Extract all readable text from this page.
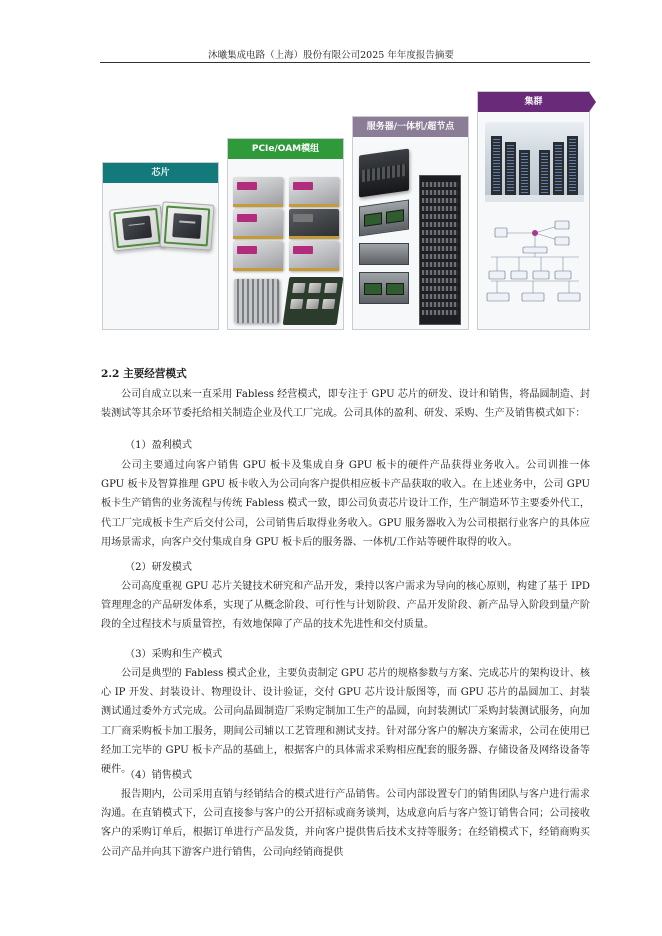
沐曦集成电路（上海）股份有限公司2025 年年度报告摘要
芯片
PCIe/OAM模组
服务器/一体机/超节点
集群
2.2 主要经营模式
公司自成立以来一直采用 Fabless 经营模式，即专注于 GPU 芯片的研发、设计和销售，将晶圆制造、封装测试等其余环节委托给相关制造企业及代工厂完成。公司具体的盈利、研发、采购、生产及销售模式如下：
（1）盈利模式
公司主要通过向客户销售 GPU 板卡及集成自身 GPU 板卡的硬件产品获得业务收入。公司训推一体 GPU 板卡及智算推理 GPU 板卡收入为公司向客户提供相应板卡产品获取的收入。在上述业务中，公司 GPU 板卡生产销售的业务流程与传统 Fabless 模式一致，即公司负责芯片设计工作，生产制造环节主要委外代工，代工厂完成板卡生产后交付公司，公司销售后取得业务收入。GPU 服务器收入为公司根据行业客户的具体应用场景需求，向客户交付集成自身 GPU 板卡后的服务器、一体机/工作站等硬件取得的收入。
（2）研发模式
公司高度重视 GPU 芯片关键技术研究和产品开发，秉持以客户需求为导向的核心原则，构建了基于 IPD 管理理念的产品研发体系，实现了从概念阶段、可行性与计划阶段、产品开发阶段、新产品导入阶段到量产阶段的全过程技术与质量管控，有效地保障了产品的技术先进性和交付质量。
（3）采购和生产模式
公司是典型的 Fabless 模式企业，主要负责制定 GPU 芯片的规格参数与方案、完成芯片的架构设计、核心 IP 开发、封装设计、物理设计、设计验证，交付 GPU 芯片设计版图等，而 GPU 芯片的晶圆加工、封装测试通过委外方式完成。公司向晶圆制造厂采购定制加工生产的晶圆，向封装测试厂采购封装测试服务，向加工厂商采购板卡加工服务，期间公司辅以工艺管理和测试支持。针对部分客户的解决方案需求，公司在使用已经加工完毕的 GPU 板卡产品的基础上，根据客户的具体需求采购相应配套的服务器、存储设备及网络设备等硬件。
（4）销售模式
报告期内，公司采用直销与经销结合的模式进行产品销售。公司内部设置专门的销售团队与客户进行需求沟通。在直销模式下，公司直接参与客户的公开招标或商务谈判，达成意向后与客户签订销售合同；公司接收客户的采购订单后，根据订单进行产品发货，并向客户提供售后技术支持等服务；在经销模式下，经销商购买公司产品并向其下游客户进行销售，公司向经销商提供
